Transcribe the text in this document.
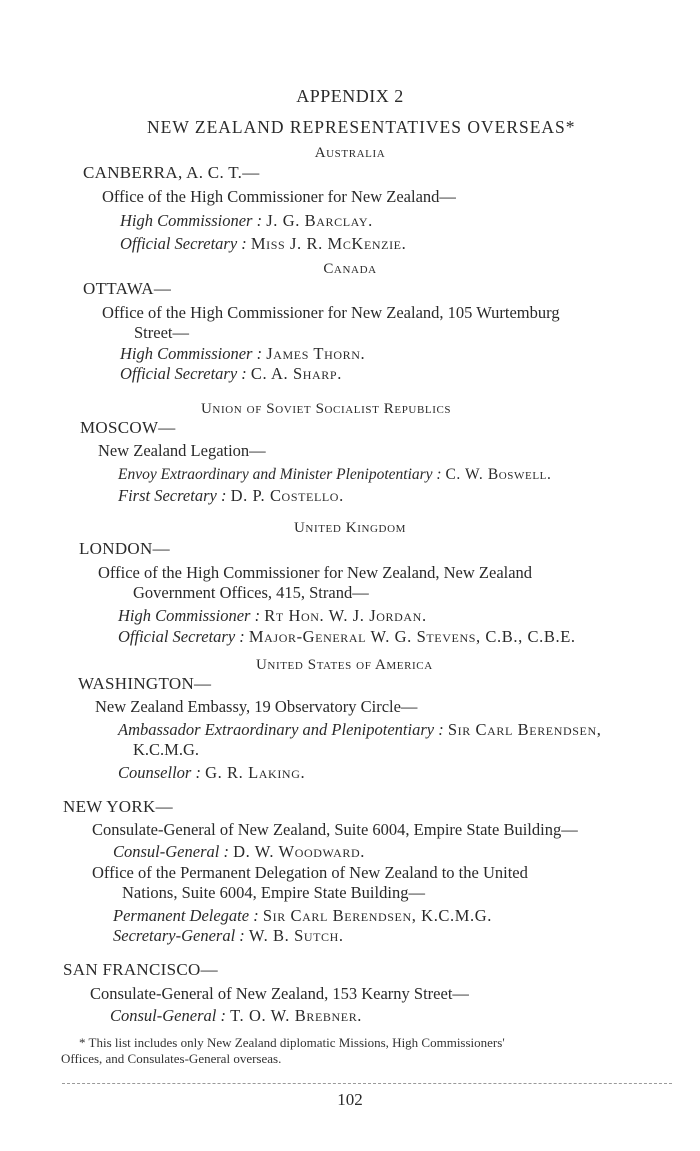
APPENDIX 2
NEW ZEALAND REPRESENTATIVES OVERSEAS*
Australia
CANBERRA, A. C. T.—
Office of the High Commissioner for New Zealand—
High Commissioner : J. G. Barclay.
Official Secretary : Miss J. R. McKenzie.
Canada
OTTAWA—
Office of the High Commissioner for New Zealand, 105 Wurtemburg
Street—
High Commissioner : James Thorn.
Official Secretary : C. A. Sharp.
Union of Soviet Socialist Republics
MOSCOW—
New Zealand Legation—
Envoy Extraordinary and Minister Plenipotentiary : C. W. Boswell.
First Secretary : D. P. Costello.
United Kingdom
LONDON—
Office of the High Commissioner for New Zealand, New Zealand
Government Offices, 415, Strand—
High Commissioner : Rt Hon. W. J. Jordan.
Official Secretary : Major-General W. G. Stevens, C.B., C.B.E.
United States of America
WASHINGTON—
New Zealand Embassy, 19 Observatory Circle—
Ambassador Extraordinary and Plenipotentiary : Sir Carl Berendsen,
K.C.M.G.
Counsellor : G. R. Laking.
NEW YORK—
Consulate-General of New Zealand, Suite 6004, Empire State Building—
Consul-General : D. W. Woodward.
Office of the Permanent Delegation of New Zealand to the United
Nations, Suite 6004, Empire State Building—
Permanent Delegate : Sir Carl Berendsen, K.C.M.G.
Secretary-General : W. B. Sutch.
SAN FRANCISCO—
Consulate-General of New Zealand, 153 Kearny Street—
Consul-General : T. O. W. Brebner.
* This list includes only New Zealand diplomatic Missions, High Commissioners'
Offices, and Consulates-General overseas.
102
